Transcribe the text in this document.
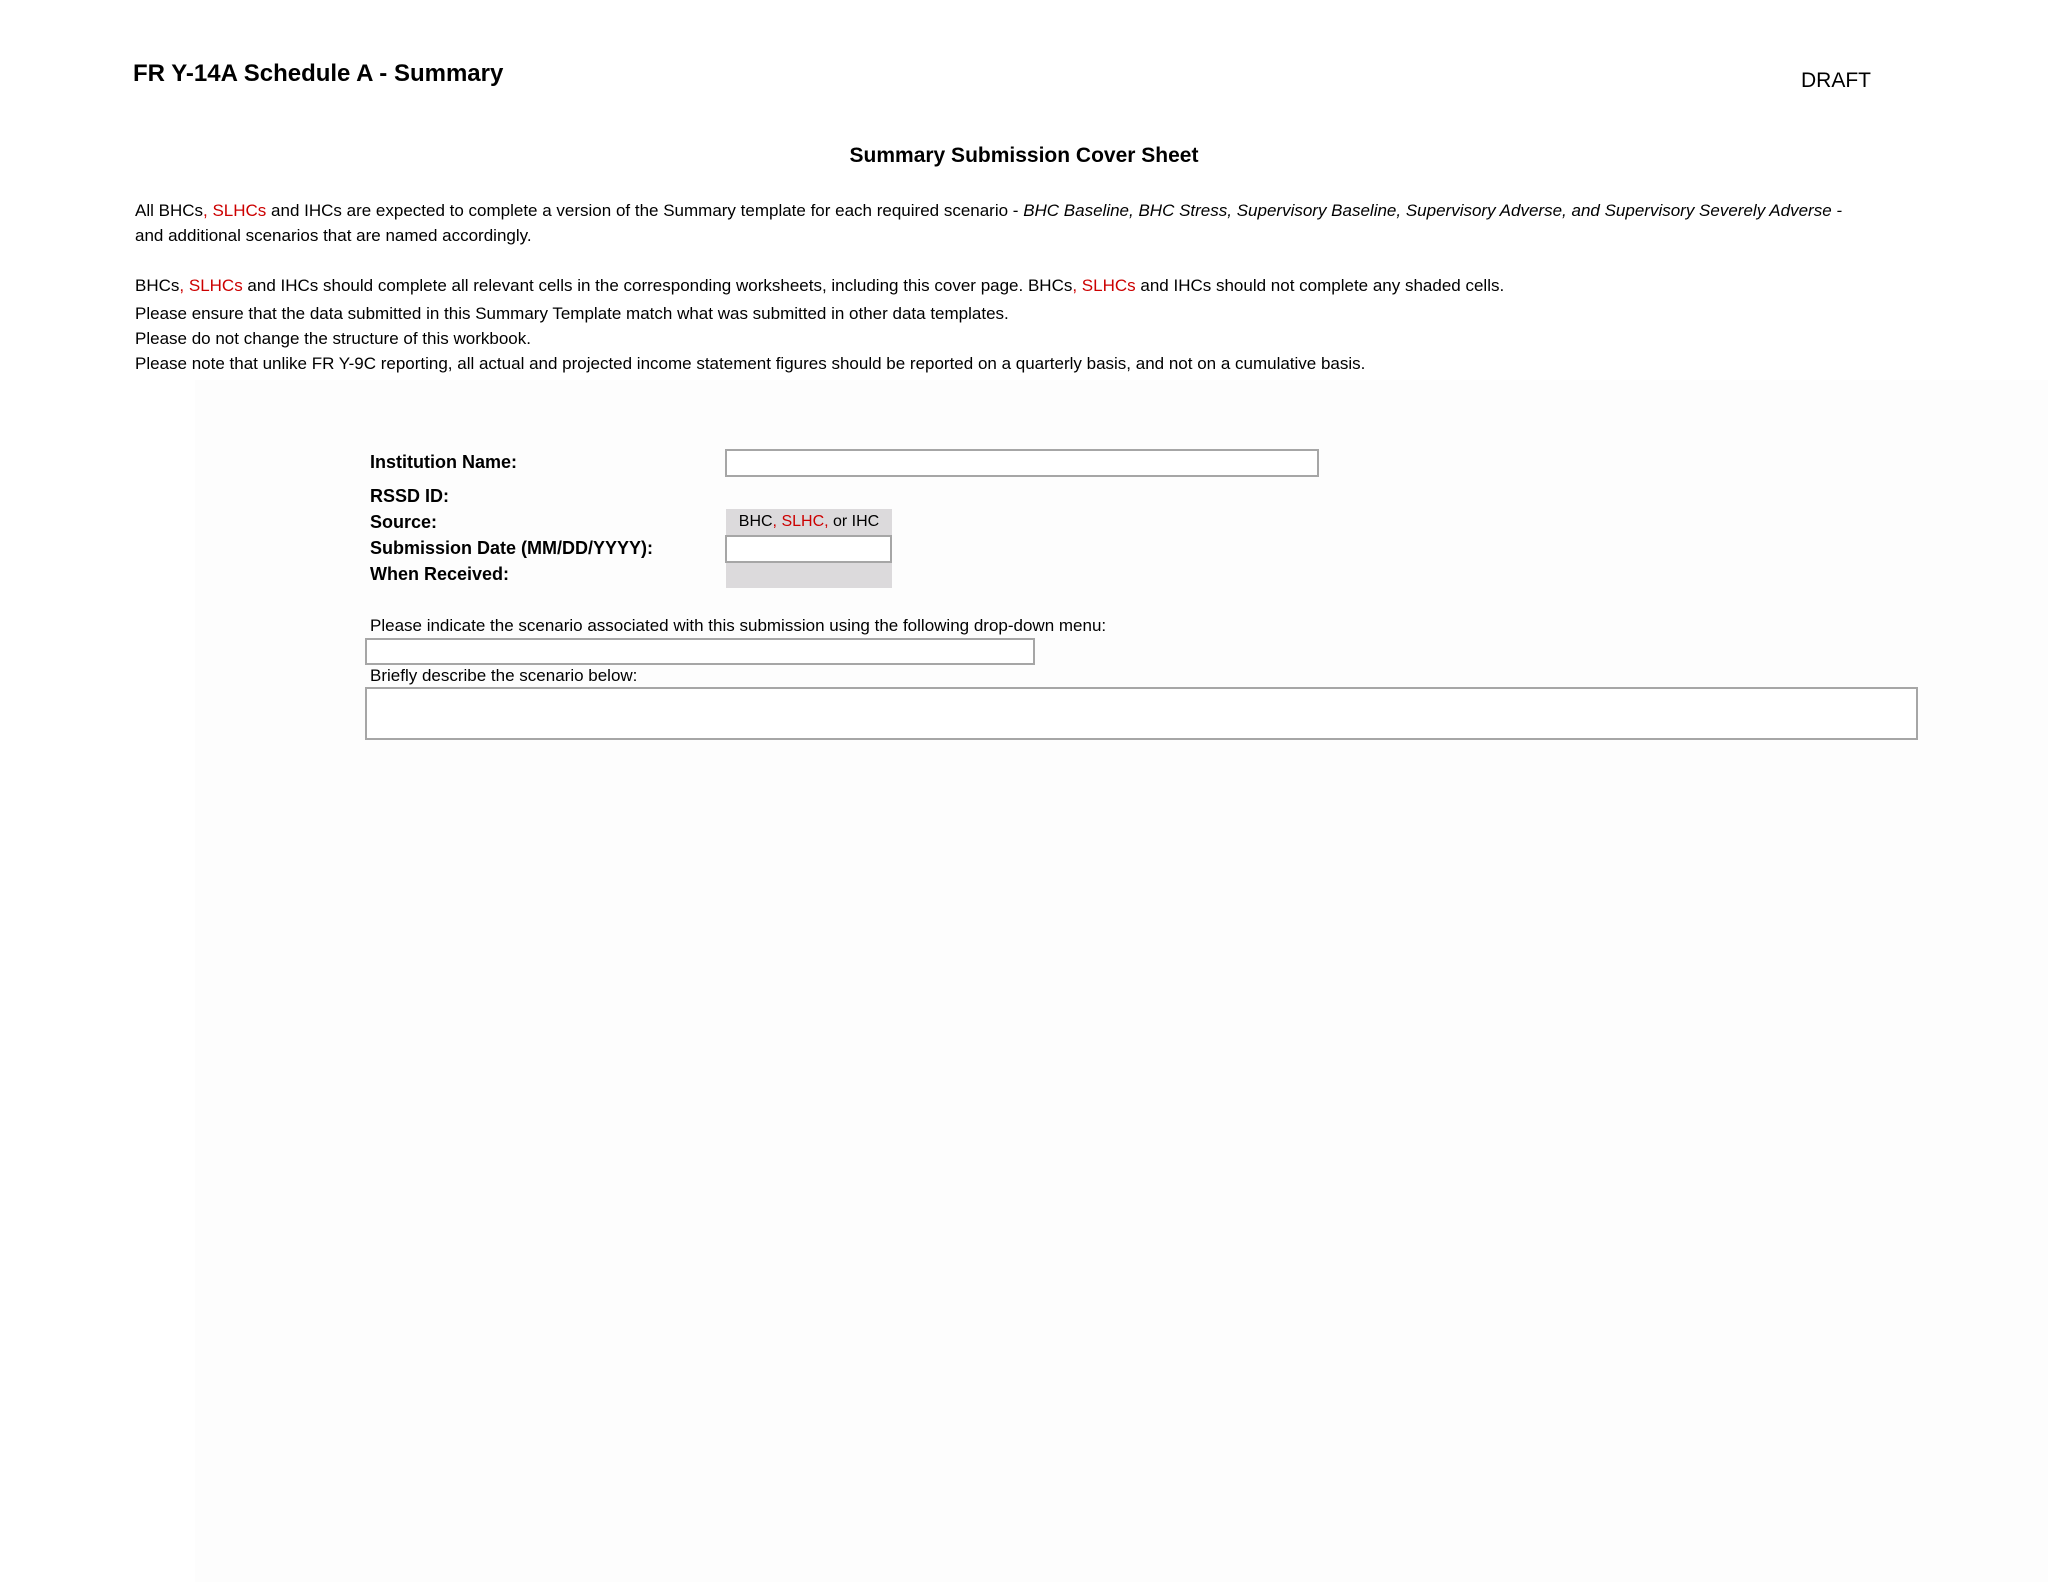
FR Y-14A Schedule A - Summary	DRAFT
Summary Submission Cover Sheet
All BHCs, SLHCs and IHCs are expected to complete a version of the Summary template for each required scenario - BHC Baseline, BHC Stress, Supervisory Baseline, Supervisory Adverse, and Supervisory Severely Adverse - and additional scenarios that are named accordingly.
BHCs, SLHCs and IHCs should complete all relevant cells in the corresponding worksheets, including this cover page. BHCs, SLHCs and IHCs should not complete any shaded cells.
Please ensure that the data submitted in this Summary Template match what was submitted in other data templates.
Please do not change the structure of this workbook.
Please note that unlike FR Y-9C reporting, all actual and projected income statement figures should be reported on a quarterly basis, and not on a cumulative basis.
Institution Name:
RSSD ID:
Source:	BHC, SLHC, or IHC
Submission Date (MM/DD/YYYY):
When Received:
Please indicate the scenario associated with this submission using the following drop-down menu:
Briefly describe the scenario below:
